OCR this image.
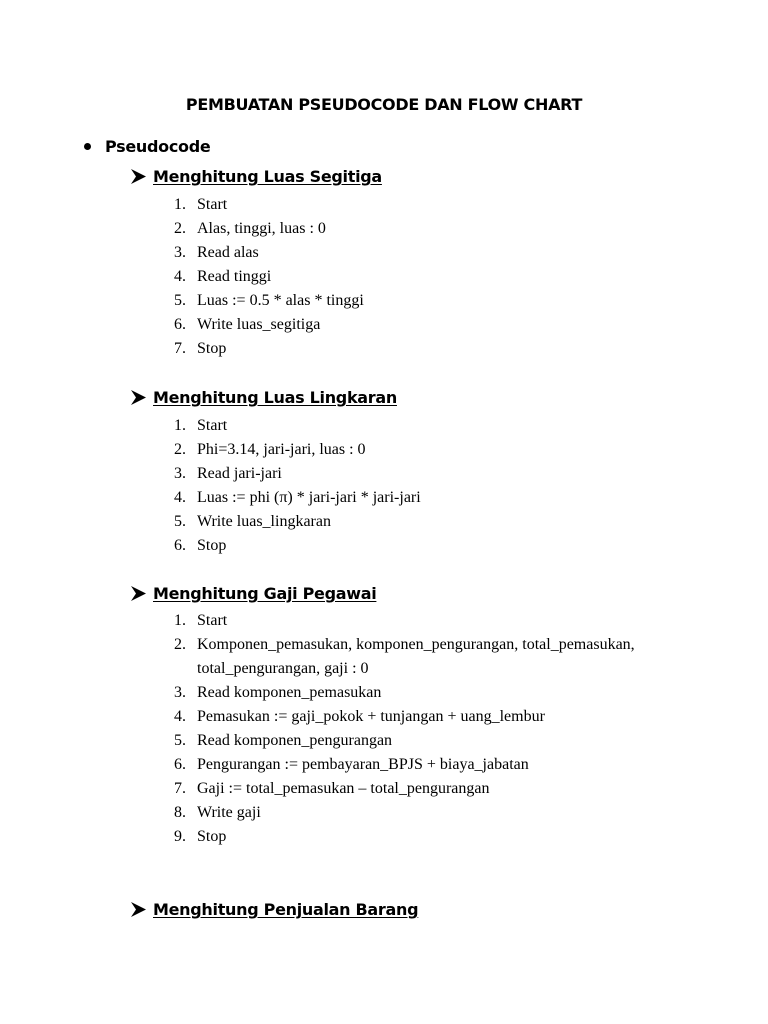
PEMBUATAN PSEUDOCODE DAN FLOW CHART
Pseudocode
Menghitung Luas Segitiga
1. Start
2. Alas, tinggi, luas : 0
3. Read alas
4. Read tinggi
5. Luas := 0.5 * alas * tinggi
6. Write luas_segitiga
7. Stop
Menghitung Luas Lingkaran
1. Start
2. Phi=3.14, jari-jari, luas : 0
3. Read jari-jari
4. Luas := phi (π) * jari-jari * jari-jari
5. Write luas_lingkaran
6. Stop
Menghitung Gaji Pegawai
1. Start
2. Komponen_pemasukan, komponen_pengurangan, total_pemasukan, total_pengurangan, gaji : 0
3. Read komponen_pemasukan
4. Pemasukan := gaji_pokok + tunjangan + uang_lembur
5. Read komponen_pengurangan
6. Pengurangan := pembayaran_BPJS + biaya_jabatan
7. Gaji := total_pemasukan – total_pengurangan
8. Write gaji
9. Stop
Menghitung Penjualan Barang
